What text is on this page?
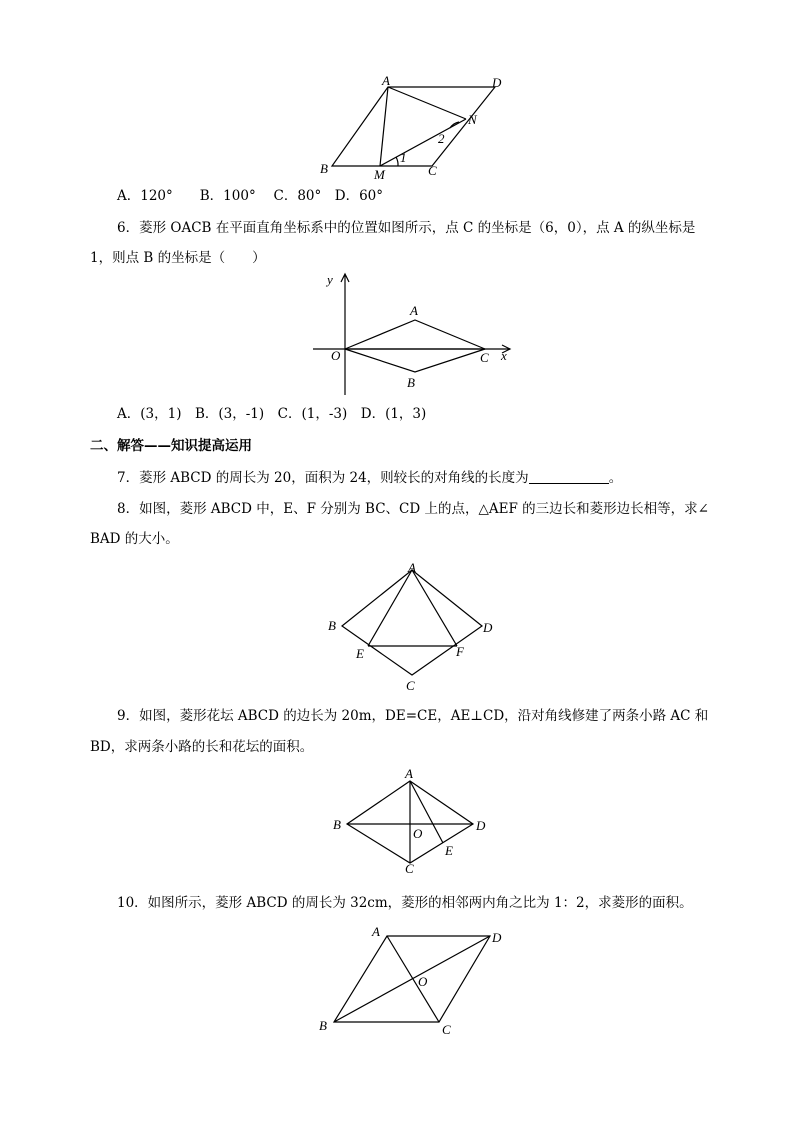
A	D
N
B	M	C
1
2
A．120°　　B．100°　 C．80°　D．60°
6．菱形 OACB 在平面直角坐标系中的位置如图所示，点 C 的坐标是（6，0），点 A 的纵坐标是
1，则点 B 的坐标是（　　）
y
x
O
A
B
C
A．(3，1)　B．(3，-1)　C．(1，-3)　D．(1，3)
二、解答——知识提高运用
7．菱形 ABCD 的周长为 20，面积为 24，则较长的对角线的长度为	。
8．如图，菱形 ABCD 中，E、F 分别为 BC、CD 上的点，△AEF 的三边长和菱形边长相等，求∠
BAD 的大小。
A
B	D
E	F
C
9．如图，菱形花坛 ABCD 的边长为 20m，DE=CE，AE⊥CD，沿对角线修建了两条小路 AC 和
BD，求两条小路的长和花坛的面积。
A
B
O
D
E
C
10．如图所示，菱形 ABCD 的周长为 32cm，菱形的相邻两内角之比为 1：2，求菱形的面积。
A	D
O
B	C
